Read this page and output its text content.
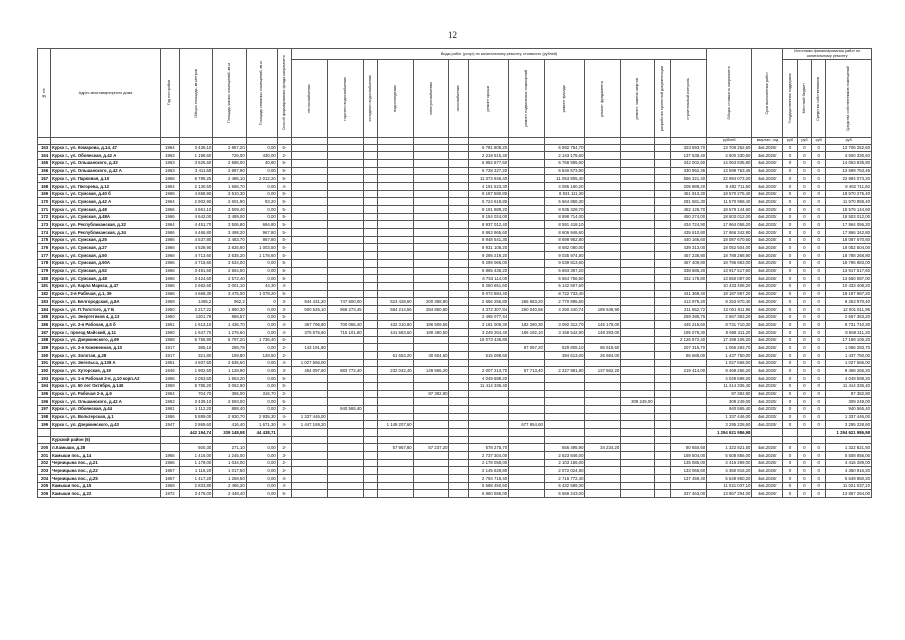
12
№ п/п	Адрес многоквартирного дома	Год постройки	Общая площадь, кв.метров	Площадь жилых помещений, кв.м	Площадь нежилых помещений, кв.м	Способ формирования фонда капремонта	Виды работ (услуг) по капитальному ремонту, стоимость (рублей)													Общая стоимость капремонта	Срок выполнения работ	Источники финансирования работ по капитальному ремонту			

							теплоснабжения	горячего водоснабжения	холодного водоснабжения	водоотведения	электроснабжения	газоснабжения	ремонт крыши	ремонт подвальных помещений	ремонт фасада	ремонт фундамента	ремонт, замена лифтов	разработка проектной документации	строительный контроль			Государственная поддержка	Местный бюджет	Средства собственников	Средства собственников помещений

																				рублей	квартал, год	руб	руб	руб	руб
163	Курск г., ул. Комарова, д.14, 47	1964	3 436,10	2 867,20	0,00	5-							6 781 808,20		6 592 754,70				323 593,70	13 706 252,60	4кв.2020г	0	0	0	13 706 252,60
164	Курск г., ул. Обоянская, д.42 А	1963	1 198,60	726,00	430,00	2-							2 219 515,40		2 143 175,60				137 638,40	4 500 330,60	4кв.2020г	0	0	0	4 500 330,60
165	Курск г., ул. Ольшанского, д.33	1963	3 525,60	2 586,00	40,80	5-							6 952 877,60		6 768 955,60				342 002,60	14 063 835,80	4кв.2020г	0	0	0	14 063 835,80
166	Курск г., ул. Ольшанского, д.42 А	1963	3 411,68	2 997,90	0,00	5-							6 728 227,20		6 540 573,90				330 952,36	13 599 753,46	4кв.2020г	0	0	0	13 599 753,46
167	Курск г., ул. Парковая, д.10	1968	5 788,25	2 486,10	2 012,20	5-							11 373 946,40		11 053 805,40				556 321,40	22 984 073,20	4кв.2020г	0	0	0	22 984 073,20
168	Курск г., ул. Пигорева, д.12	1964	2 130,50	1 666,70	0,00	4-							4 191 623,30		4 085 160,20				205 888,20	8 482 711,60	4кв.2020г	0	0	0	8 482 711,60
169	Курск г., ул. Сумская, д.40 б	1965	4 658,90	3 510,30	0,00	5-							9 187 580,80		8 931 111,30				451 913,30	18 570 275,40	4кв.2020г	0	0	0	18 570 275,40
170	Курск г., ул. Сумская, д.42 А	1964	2 902,90	2 601,90	83,20	5-							5 724 618,80		5 564 858,30				281 581,30	11 570 958,40	4кв.2020г	0	0	0	11 570 958,40
171	Курск г., ул. Сумская, д.48	1966	4 661,10	3 509,40	0,00	5-							9 191 889,20		8 935 328,70				452 126,70	18 579 144,60	4кв.2020г	0	0	0	18 579 144,60
172	Курск г., ул. Сумская, д.48А	1966	4 642,00	3 489,00	0,00	5-							9 154 024,00		8 898 714,00				450 274,00	18 503 012,00	4кв.2020г	0	0	0	18 503 012,00
173	Курск г., ул. Республиканская, д.32	1964	4 451,70	3 506,80	694,80	5-							8 937 012,40		8 591 418,10				434 724,90	17 964 056,20	4кв.2020г	0	0	0	17 964 056,20
174	Курск г., ул. Республиканская, д.34	1966	4 466,80	3 498,20	967,80	5-							8 863 965,60		8 606 946,60				435 610,80	17 866 342,80	4кв.2020г	0	0	0	17 866 342,80
175	Курск г., ул. Сумская, д.25	1966	4 537,80	3 483,70	867,80	5-							8 948 541,30		8 698 952,80				440 166,60	18 087 670,60	4кв.2020г	0	0	0	18 087 670,60
176	Курск г., ул. Сумская, д.27	1966	4 528,90	3 826,60	1 003,50	5-							8 931 108,20		8 682 080,00				439 313,00	18 052 504,00	4кв.2020г	0	0	0	18 052 504,00
177	Курск г., ул. Сумская, д.50	1966	4 713,60	3 535,20	1 178,60	5-							9 295 219,20		9 035 974,80				457 238,80	18 788 268,80	4кв.2020г	0	0	0	18 788 268,80
178	Курск г., ул. Сумская, д.50А	1966	4 715,60	3 534,00	0,00	5-							9 299 066,00		9 039 813,60				457 409,80	18 796 883,00	4кв.2020г	0	0	0	18 796 883,00
179	Курск г., ул. Сумская, д.52	1966	3 491,60	2 564,60	0,00	5-							6 865 436,20		6 693 367,20				338 685,20	13 917 517,60	4кв.2020г	0	0	0	13 917 517,60
180	Курск г., ул. Сумская, д.48	1966	3 424,60	2 572,40	0,00	5-							6 753 114,00		6 564 756,60				332 178,80	13 650 087,00	4кв.2020г	0	0	0	13 650 087,00
181	Курск г., ул. Карла Маркса, д.47	1966	2 662,60	2 001,10	44,30	4-							5 250 651,60		5 142 607,60					10 433 408,20	4кв.2020г	0	0	0	10 433 408,20
182	Курск г., 2-я Рабочая, д.1, 39	1966	4 668,30	3 475,00	1 078,20	5-							9 072 884,40		8 722 733,40				441 369,40	18 187 987,20	4кв.2020г	0	0	0	18 187 987,20
183	Курск г., ул. Белгородская, д.8А	1959	1495,2	962,2	0	3-	944 431,20	747 600,00		523 428,60	200 358,80		2 656 256,80	266 583,20	2 770 895,60				412 975,20	8 253 970,40	4кв.2020г	0	0	0	8 253 970,40
184	Курск г., ул. П.Толстого, д.7 Б	1950	2 217,22	1 890,30	0,00	3-	500 526,10	969 273,45		584 214,56	284 860,80		4 372 307,84	260 040,56	4 250 440,74	189 549,90			211 652,72	12 001 811,96	4кв.2020г	0	0	0	12 001 811,96
185	Курск г., ул. Энергетиков 4, д.13	1950	1301,78	856,57	0,00	5-							2 495 077,44						259 285,76	2 657 363,20	4кв.2020г	0	0	0	2 657 363,20
186	Курск г., ул. 2-я Рабочая, д.5 б	1961	1 613,10	1 436,70	0,00	4-	367 796,80	700 065,40		432 310,80	186 509,56		3 181 009,30	182 280,30	3 092 312,70	145 179,00			445 215,60	8 731 710,30	4кв.2020г	0	0	0	8 731 710,30
187	Курск г., проезд Майский, д.11	1960	1 647,70	1 276,60	0,00	4-	375 675,60	715 101,80		441 583,60	189 480,50		3 249 264,40	186 192,10	3 158 542,90	148 293,00			195 078,30	8 668 311,20	4кв.2020г	0	0	0	8 668 311,20
188	Курск г., ул. Дзержинского, д.69	1958	5 755,90	5 797,20	1 736,40	5-							15 073 436,80						2 126 872,40	17 199 106,20	4кв.2020г	0	0	0	17 199 106,20
189	Курск г., ул. 2-я Кожевенная, д.10	1917	385,10	285,78	0,00	2-	143 191,80							87 057,20	529 805,10	86 619,60			207 316,70	1 066 283,70	4кв.2020г	0	0	0	1 066 283,70
190	Курск г., ул. Золотая, д.28	1917	321,80	159,80	128,50	2-				61 553,20	30 604,60		615 098,60		394 613,00	26 584,00			86 686,00	1 437 750,00	4кв.2020г	0	0	0	1 437 750,00
191	Курск г., ул. Энгельса, д.138 А	1951	4 607,60	2 535,60	0,00	4-	1 027 566,00													1 027 566,00	4кв.2020г	0	0	0	1 027 566,00
192	Курск г., ул. Хуторская, д.19	1949	1 902,50	1 128,90	0,00	3-	464 097,60	883 772,40		232 042,40	149 565,20		2 007 213,70	57 713,40	2 227 981,80	137 662,20			219 414,00	8 468 266,20	4кв.2020г	0	0	0	8 468 266,20
193	Курск г., ул. 1-я Рабочая 2-я, д.10 корп.А2	1956	2 053,60	1 653,20	0,00	5-							4 049 598,20							4 049 598,20	4кв.2020г	0	0	0	4 049 598,20
194	Курск г., ул. 50 лет Октября, д.145	1959	5 785,20	3 062,90	0,00	5-							11 414 336,40							11 414 336,40	4кв.2020г	0	0	0	11 414 336,40
195	Курск г., ул. Рабочая 2-я, д.9	1954	704,70	365,00	316,70	2-					87 382,80									87 382,80	4кв.2020г	0	0	0	87 382,80
196	Курск г., ул. Ольшанского, д.42 А	1963	3 439,10	2 593,00	0,00	5-											309 249,00			309 249,00	4кв.2020г	0	0	0	309 249,00
197	Курск г., ул. Обоянская, д.44	1961	1 112,20	888,40	0,00	2-		940 565,40												940 565,40	4кв.2020г	0	0	0	940 565,40
198	Курск г., ул. Вольтерская, д.1	1956	5 889,00	2 930,70	2 935,30	4-	1 337 446,00													1 337 446,00	4кв.2020г	0	0	0	1 337 446,00
199	Курск г., ул. Дзержинского, д.43	1947	2 869,60	416,40	1 671,30	4-	1 447 169,20			1 149 207,60				677 854,60						3 295 228,60	4кв.2020г	0	0	0	3 295 228,60
			442 194,74	339 148,58	44 438,71															1 294 621 986,98					1 294 621 986,98
	Курский район (6)																								
200	п.Камыши, д.28		500,30	271,10	0,00	2-				57 957,80	57 237,20		578 275,70		656 495,90	34 234,20			80 650,60	1 322 821,50	4кв.2020г	0	0	0	1 322 821,50
201	Камыши пос., д.14	1965	1 416,00	1 245,00	0,00	3-							2 737 304,00		2 623 846,00				159 504,00	5 508 856,00	4кв.2020г	0	0	0	5 508 856,00
202	Черницына пос., д.21	1966	1 178,00	1 034,00	0,00	2-							2 178 058,00		2 103 155,00				135 085,00	4 416 289,00	4кв.2020г	0	0	0	4 416 289,00
203	Черницына пос., д.22	1967	1 118,20	1 017,50	0,00	2-							2 145 628,80		2 072 024,80				133 065,60	4 350 916,20	4кв.2020г	0	0	0	4 350 916,20
204	Черницына пос., д.25	1967	1 417,20	1 269,50	0,00	4-							2 794 719,40		2 716 772,40				137 459,40	5 649 950,20	4кв.2020г	0	0	0	5 649 950,20
205	Камыши пос., д.15	1959	2 833,80	2 486,20	0,00	4-							5 588 450,60		5 432 589,30					11 021 037,10	4кв.2020г	0	0	0	11 021 037,10
206	Камыши пос., д.22	1972	3 479,00	2 448,40	0,00	5-							6 860 586,00		6 669 243,00				337 463,00	13 867 294,00	4кв.2020г	0	0	0	13 867 294,00
